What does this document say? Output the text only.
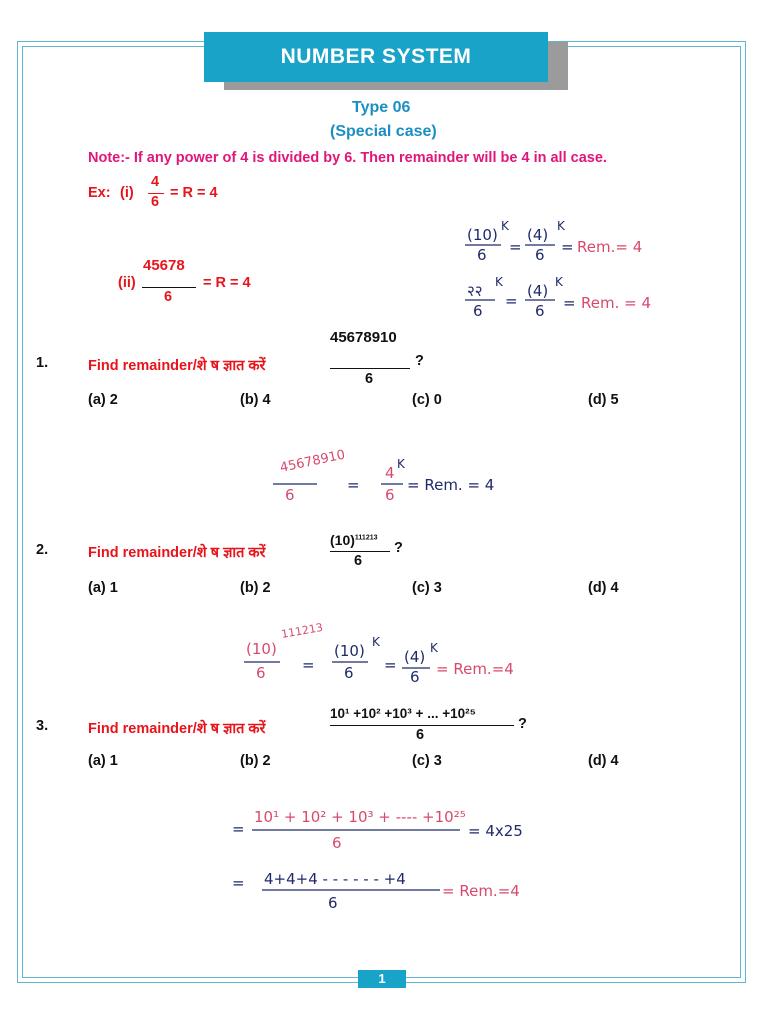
NUMBER SYSTEM
Type 06
(Special case)
Note:- If any power of 4 is divided by 6. Then remainder will be 4 in all case.
Ex: (i)
4
6
= R = 4
(ii)
45678
6
= R = 4
(10) K
6 =
(4) K
6 = Rem.= 4
२२ K
6
=
(4) K
6 = Rem. = 4
1.	Find remainder/शे ष ज्ञात करें
45678910
6
?
(a) 2	(b) 4	(c) 0	(d) 5
45678910
6
=
4 K
6
= Rem. = 4
2.	Find remainder/शे ष ज्ञात करें
$(10)^{111213}$
6
?
(a) 1	(b) 2	(c) 3	(d) 4
(10)
111213
6 =
(10) K
6 = (4) K
6 = Rem.=4
3.	Find remainder/शे ष ज्ञात करें
10¹ +10² +10³ + ... +10²⁵
6
?
(a) 1	(b) 2	(c) 3	(d) 4
=
10¹ + 10² + 10³ + ---- +10²⁵
6
= 4x25
= 4+4+4 - - - - - - +4
6
= Rem.=4
1
